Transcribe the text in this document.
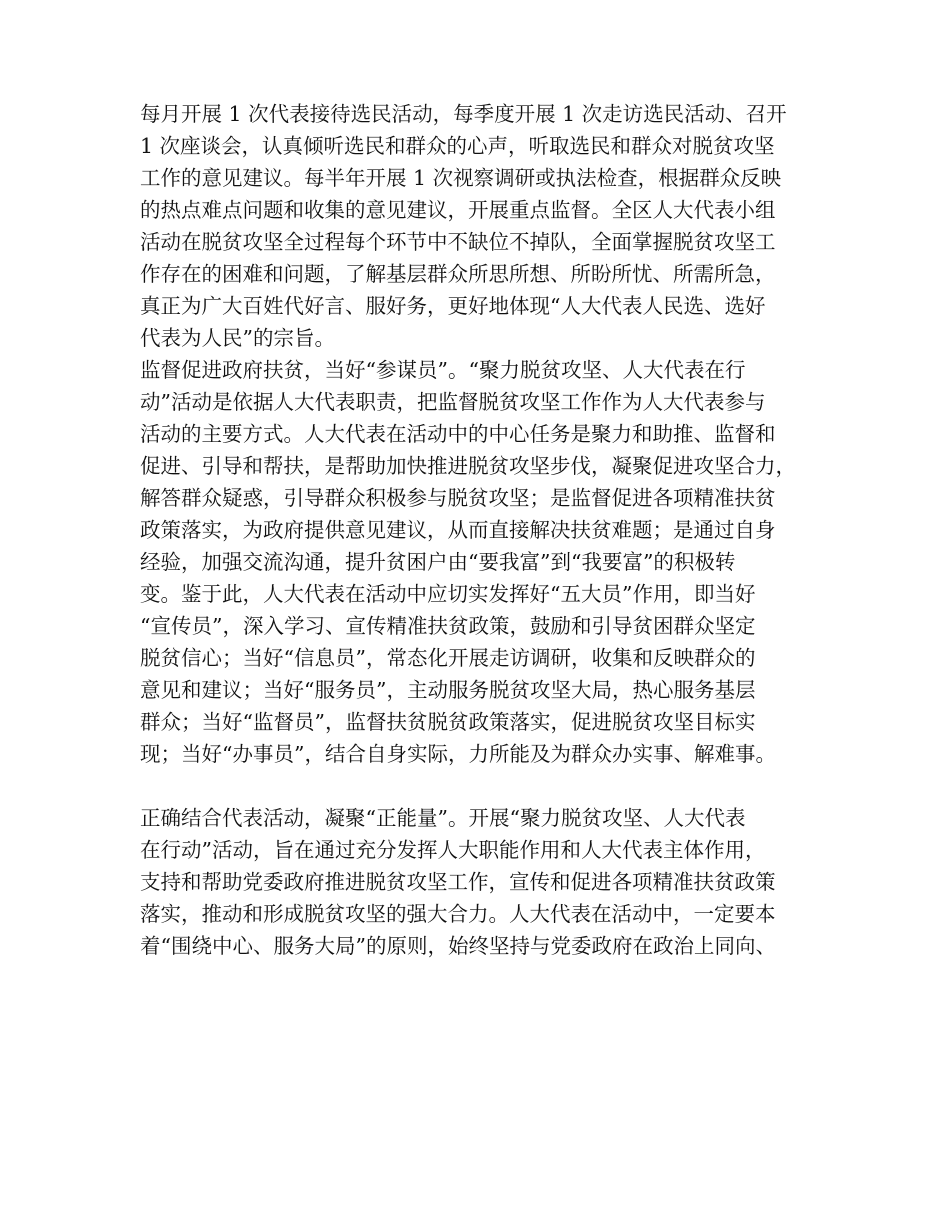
每月开展 1 次代表接待选民活动，每季度开展 1 次走访选民活动、召开
1 次座谈会，认真倾听选民和群众的心声，听取选民和群众对脱贫攻坚
工作的意见建议。每半年开展 1 次视察调研或执法检查，根据群众反映
的热点难点问题和收集的意见建议，开展重点监督。全区人大代表小组
活动在脱贫攻坚全过程每个环节中不缺位不掉队，全面掌握脱贫攻坚工
作存在的困难和问题，了解基层群众所思所想、所盼所忧、所需所急，
真正为广大百姓代好言、服好务，更好地体现“人大代表人民选、选好
代表为人民”的宗旨。
监督促进政府扶贫，当好“参谋员”。“聚力脱贫攻坚、人大代表在行
动”活动是依据人大代表职责，把监督脱贫攻坚工作作为人大代表参与
活动的主要方式。人大代表在活动中的中心任务是聚力和助推、监督和
促进、引导和帮扶，是帮助加快推进脱贫攻坚步伐，凝聚促进攻坚合力，
解答群众疑惑，引导群众积极参与脱贫攻坚；是监督促进各项精准扶贫
政策落实，为政府提供意见建议，从而直接解决扶贫难题；是通过自身
经验，加强交流沟通，提升贫困户由“要我富”到“我要富”的积极转
变。鉴于此，人大代表在活动中应切实发挥好“五大员”作用，即当好
“宣传员”，深入学习、宣传精准扶贫政策，鼓励和引导贫困群众坚定
脱贫信心；当好“信息员”，常态化开展走访调研，收集和反映群众的
意见和建议；当好“服务员”，主动服务脱贫攻坚大局，热心服务基层
群众；当好“监督员”，监督扶贫脱贫政策落实，促进脱贫攻坚目标实
现；当好“办事员”，结合自身实际，力所能及为群众办实事、解难事。
正确结合代表活动，凝聚“正能量”。开展“聚力脱贫攻坚、人大代表
在行动”活动，旨在通过充分发挥人大职能作用和人大代表主体作用，
支持和帮助党委政府推进脱贫攻坚工作，宣传和促进各项精准扶贫政策
落实，推动和形成脱贫攻坚的强大合力。人大代表在活动中，一定要本
着“围绕中心、服务大局”的原则，始终坚持与党委政府在政治上同向、
